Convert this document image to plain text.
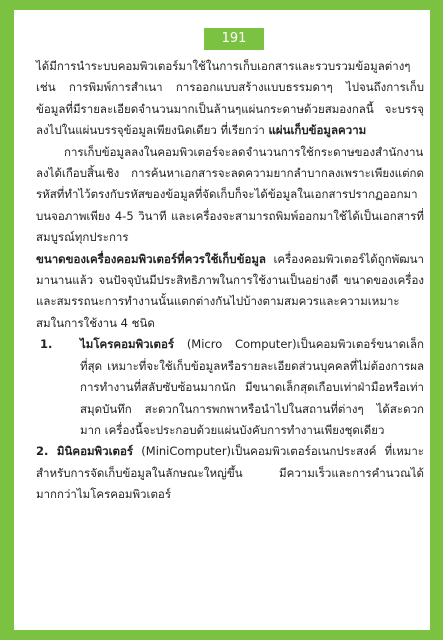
191

ได้มีการนำระบบคอมพิวเตอร์มาใช้ในการเก็บเอกสารและรวบรวมข้อมูลต่างๆ เช่น การพิมพ์การสำเนา การออกแบบสร้างแบบธรรมดาๆ ไปจนถึงการเก็บข้อมูลที่มีรายละเอียดจำนวนมากเป็นล้านๆแผ่นกระดาษด้วยสมองกลนี้ จะบรรจุลงไปในแผ่นบรรจุข้อมูลเพียงนิดเดียว ที่เรียกว่า แผ่นเก็บข้อมูลความ

การเก็บข้อมูลลงในคอมพิวเตอร์จะลดจำนวนการใช้กระดาษของสำนักงานลงได้เกือบสิ้นเชิง การค้นหาเอกสารจะลดความยากลำบากลงเพราะเพียงแต่กดรหัสที่ทำไว้ตรงกับรหัสของข้อมูลที่จัดเก็บก็จะได้ข้อมูลในเอกสารปรากฏออกมาบนจอภาพเพียง 4-5 วินาที และเครื่องจะสามารถพิมพ์ออกมาใช้ได้เป็นเอกสารที่สมบูรณ์ทุกประการ

ขนาดของเครื่องคอมพิวเตอร์ที่ควรใช้เก็บข้อมูล เครื่องคอมพิวเตอร์ได้ถูกพัฒนามานานแล้ว จนปัจจุบันมีประสิทธิภาพในการใช้งานเป็นอย่างดี ขนาดของเครื่องและสมรรถนะการทำงานนั้นแตกต่างกันไปบ้างตามสมควรและความเหมาะสมในการใช้งาน 4 ชนิด

1. ไมโครคอมพิวเตอร์ (Micro Computer)เป็นคอมพิวเตอร์ขนาดเล็กที่สุด เหมาะที่จะใช้เก็บข้อมูลหรือรายละเอียดส่วนบุคคลที่ไม่ต้องการผลการทำงานที่สลับซับซ้อนมากนัก มีขนาดเล็กสุดเกือบเท่าฝ่ามือหรือเท่าสมุดบันทึก สะดวกในการพกพาหรือนำไปในสถานที่ต่างๆ ได้สะดวกมาก เครื่องนี้จะประกอบด้วยแผ่นบังคับการทำงานเพียงชุดเดียว

2. มินิคอมพิวเตอร์ (MiniComputer)เป็นคอมพิวเตอร์อเนกประสงค์ ที่เหมาะสำหรับการจัดเก็บข้อมูลในลักษณะใหญ่ขึ้น มีความเร็วและการคำนวณได้มากกว่าไมโครคอมพิวเตอร์
